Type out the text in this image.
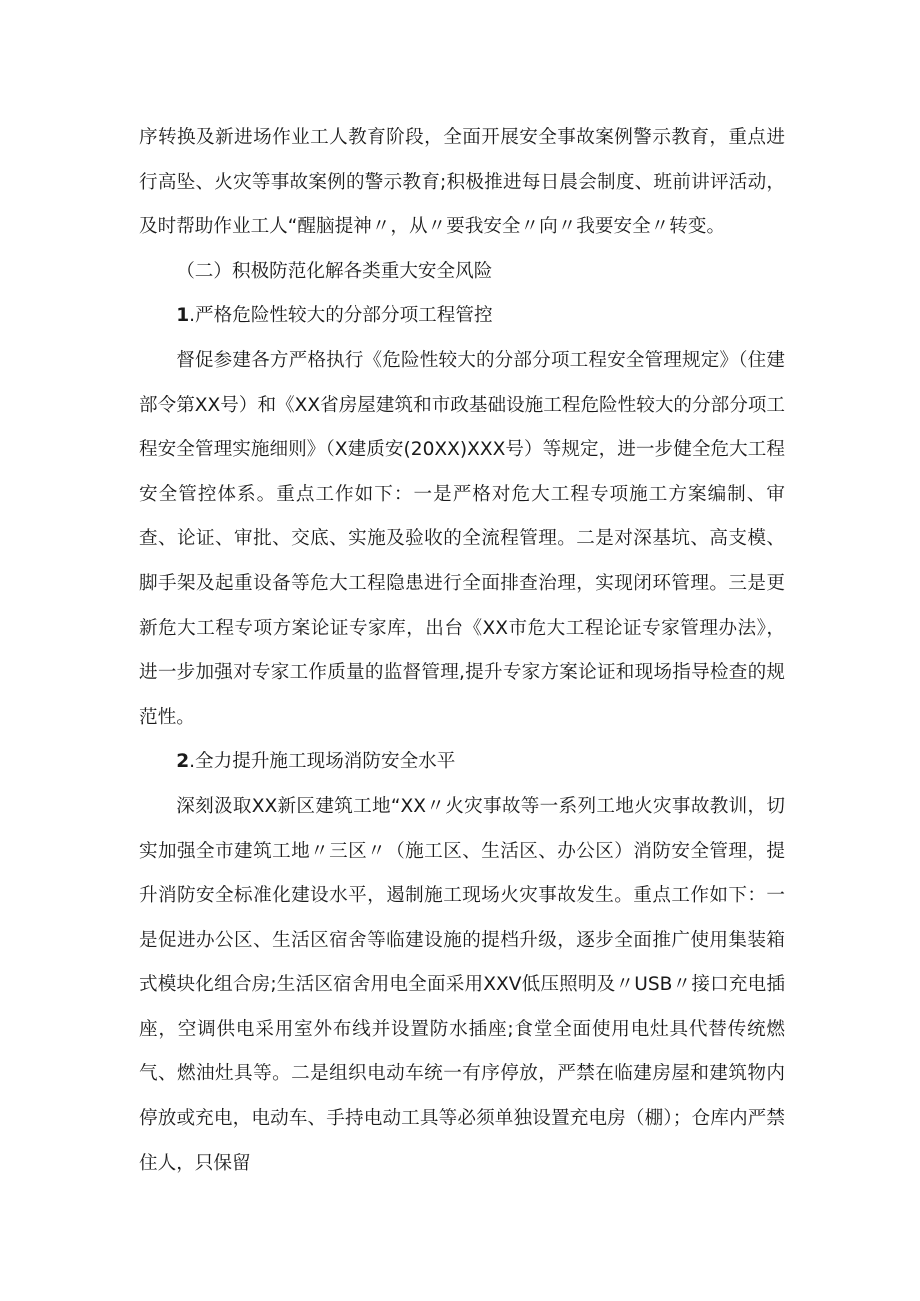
序转换及新进场作业工人教育阶段，全面开展安全事故案例警示教育，重点进行高坠、火灾等事故案例的警示教育;积极推进每日晨会制度、班前讲评活动，及时帮助作业工人“醒脑提神〃，从〃要我安全〃向〃我要安全〃转变。

（二）积极防范化解各类重大安全风险

1.严格危险性较大的分部分项工程管控

督促参建各方严格执行《危险性较大的分部分项工程安全管理规定》（住建部令第XX号）和《XX省房屋建筑和市政基础设施工程危险性较大的分部分项工程安全管理实施细则》（X建质安(20XX)XXX号）等规定，进一步健全危大工程安全管控体系。重点工作如下：一是严格对危大工程专项施工方案编制、审查、论证、审批、交底、实施及验收的全流程管理。二是对深基坑、高支模、脚手架及起重设备等危大工程隐患进行全面排查治理，实现闭环管理。三是更新危大工程专项方案论证专家库，出台《XX市危大工程论证专家管理办法》，进一步加强对专家工作质量的监督管理,提升专家方案论证和现场指导检查的规范性。

2.全力提升施工现场消防安全水平

深刻汲取XX新区建筑工地“XX〃火灾事故等一系列工地火灾事故教训，切实加强全市建筑工地〃三区〃（施工区、生活区、办公区）消防安全管理，提升消防安全标准化建设水平，遏制施工现场火灾事故发生。重点工作如下：一是促进办公区、生活区宿舍等临建设施的提档升级，逐步全面推广使用集装箱式模块化组合房;生活区宿舍用电全面采用XXV低压照明及〃USB〃接口充电插座，空调供电采用室外布线并设置防水插座;食堂全面使用电灶具代替传统燃气、燃油灶具等。二是组织电动车统一有序停放，严禁在临建房屋和建筑物内停放或充电，电动车、手持电动工具等必须单独设置充电房（棚）；仓库内严禁住人，只保留
